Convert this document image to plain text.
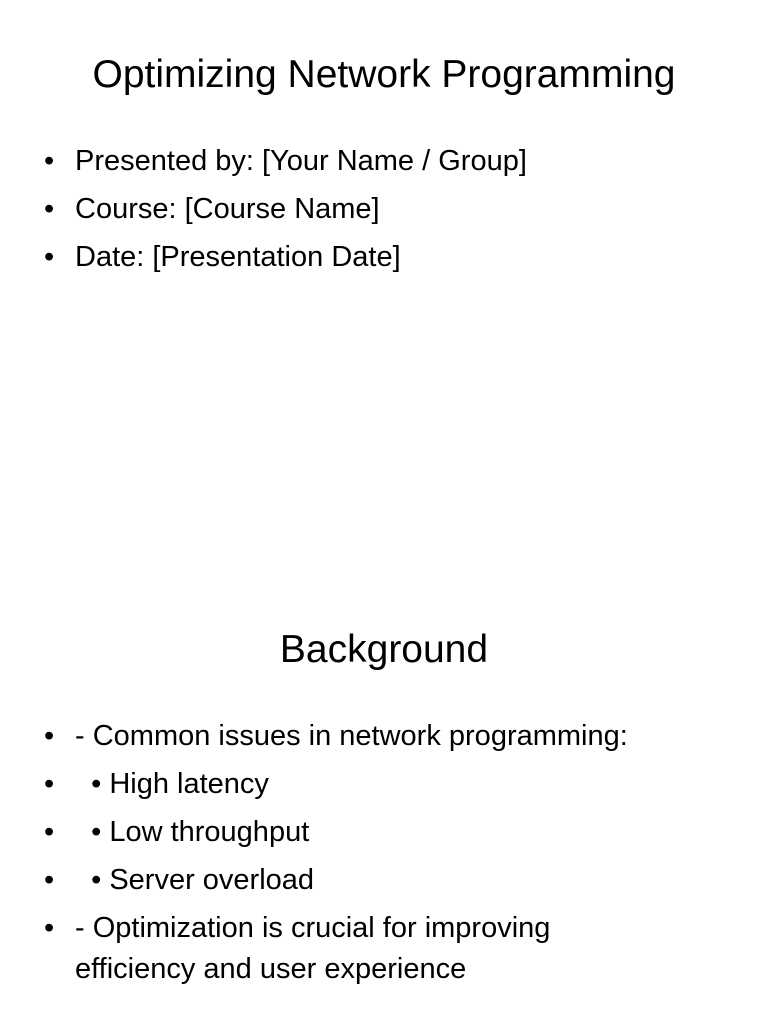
Optimizing Network Programming
• Presented by: [Your Name / Group]
• Course: [Course Name]
• Date: [Presentation Date]
Background
• - Common issues in network programming:
•   • High latency
•   • Low throughput
•   • Server overload
• - Optimization is crucial for improving efficiency and user experience
